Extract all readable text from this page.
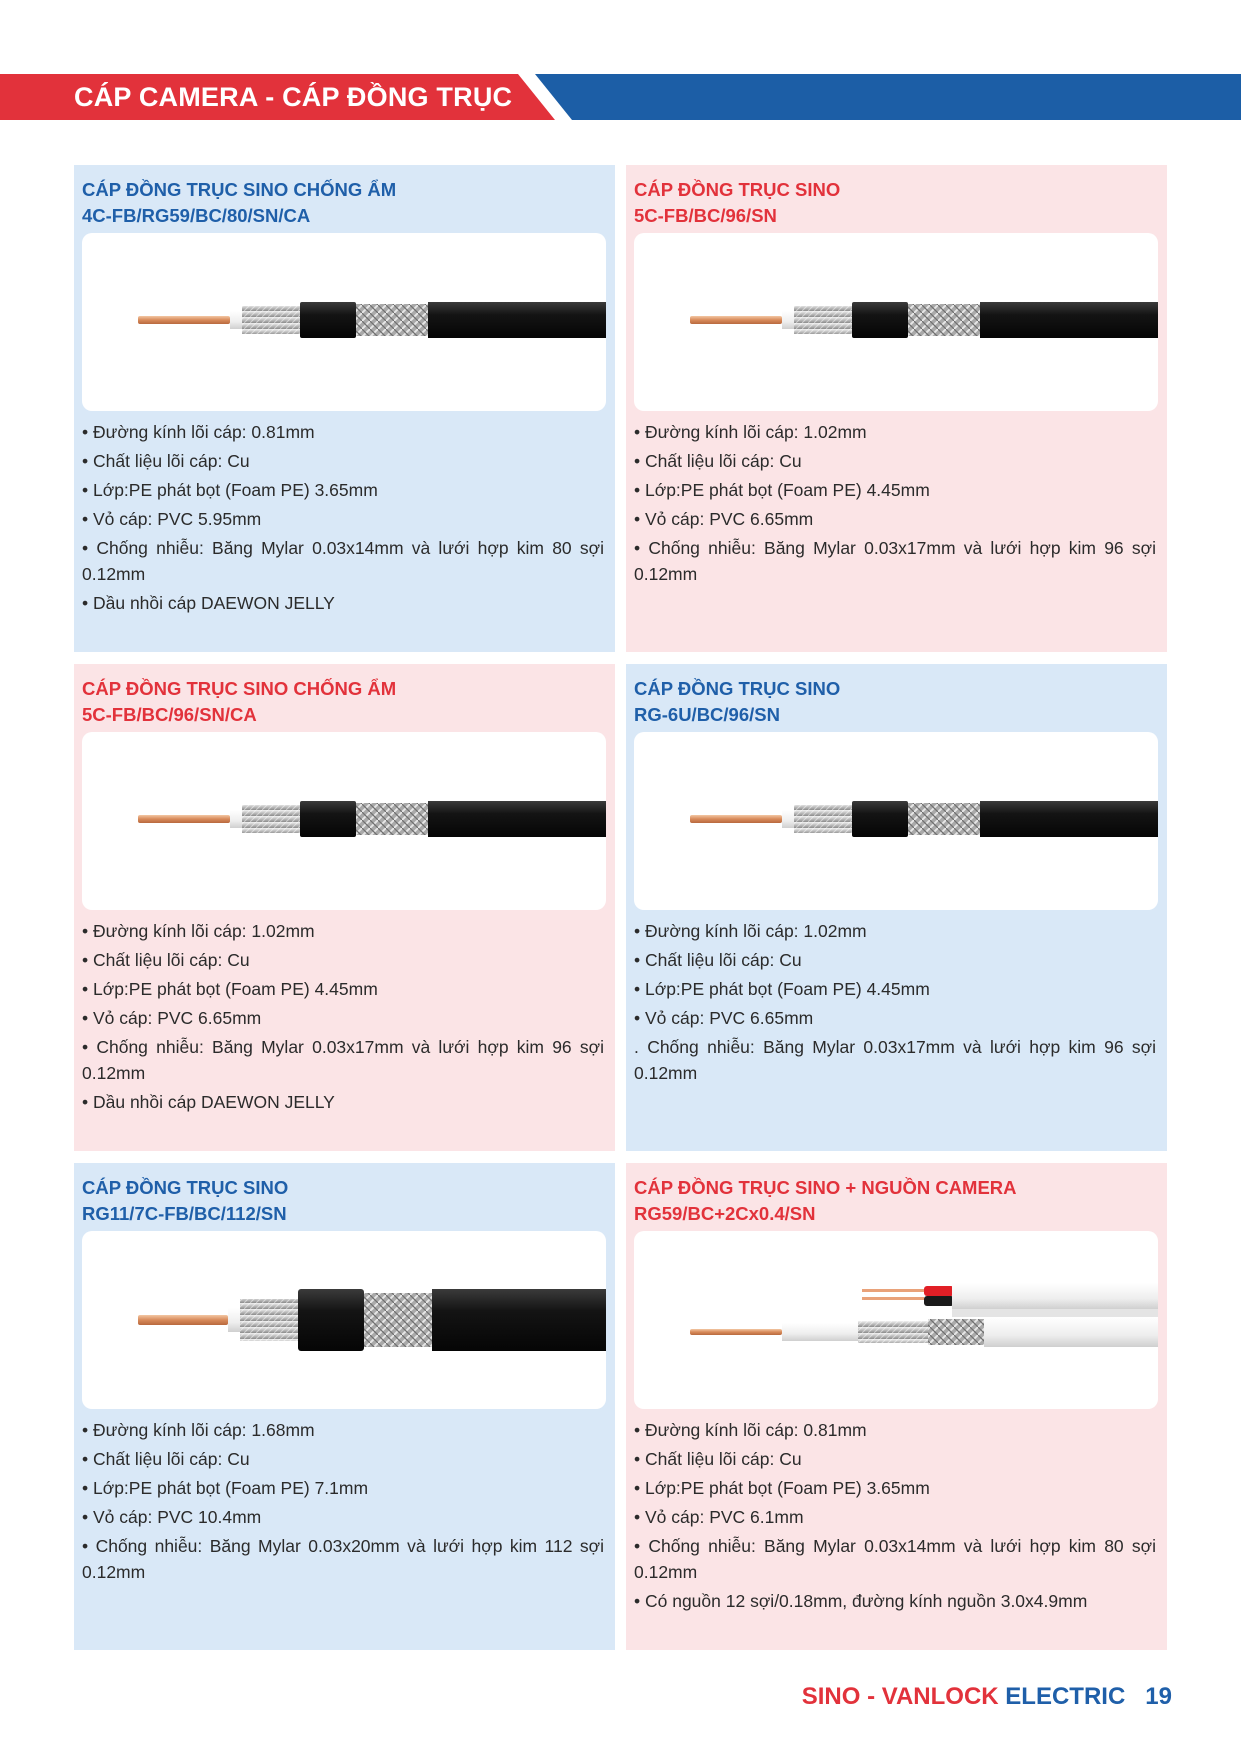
CÁP CAMERA - CÁP ĐỒNG TRỤC
CÁP ĐỒNG TRỤC SINO CHỐNG ẨM
4C-FB/RG59/BC/80/SN/CA
• Đường kính lõi cáp: 0.81mm
• Chất liệu lõi cáp: Cu
• Lớp:PE phát bọt (Foam PE) 3.65mm
• Vỏ cáp: PVC 5.95mm
• Chống nhiễu: Băng Mylar 0.03x14mm và lưới hợp kim 80 sợi 0.12mm
• Dầu nhồi cáp DAEWON JELLY
CÁP ĐỒNG TRỤC SINO
5C-FB/BC/96/SN
• Đường kính lõi cáp: 1.02mm
• Chất liệu lõi cáp: Cu
• Lớp:PE phát bọt (Foam PE) 4.45mm
• Vỏ cáp: PVC 6.65mm
• Chống nhiễu: Băng Mylar 0.03x17mm và lưới hợp kim 96 sợi 0.12mm
CÁP ĐỒNG TRỤC SINO CHỐNG ẨM
5C-FB/BC/96/SN/CA
• Đường kính lõi cáp: 1.02mm
• Chất liệu lõi cáp: Cu
• Lớp:PE phát bọt (Foam PE) 4.45mm
• Vỏ cáp: PVC 6.65mm
• Chống nhiễu: Băng Mylar 0.03x17mm và lưới hợp kim 96 sợi 0.12mm
• Dầu nhồi cáp DAEWON JELLY
CÁP ĐỒNG TRỤC SINO
RG-6U/BC/96/SN
• Đường kính lõi cáp: 1.02mm
• Chất liệu lõi cáp: Cu
• Lớp:PE phát bọt (Foam PE) 4.45mm
• Vỏ cáp: PVC 6.65mm
. Chống nhiễu: Băng Mylar 0.03x17mm và lưới hợp kim 96 sợi 0.12mm
CÁP ĐỒNG TRỤC SINO
RG11/7C-FB/BC/112/SN
• Đường kính lõi cáp: 1.68mm
• Chất liệu lõi cáp: Cu
• Lớp:PE phát bọt (Foam PE) 7.1mm
• Vỏ cáp: PVC 10.4mm
• Chống nhiễu: Băng Mylar 0.03x20mm và lưới hợp kim 112 sợi 0.12mm
CÁP ĐỒNG TRỤC SINO + NGUỒN CAMERA
RG59/BC+2Cx0.4/SN
• Đường kính lõi cáp: 0.81mm
• Chất liệu lõi cáp: Cu
• Lớp:PE phát bọt (Foam PE) 3.65mm
• Vỏ cáp: PVC 6.1mm
• Chống nhiễu: Băng Mylar 0.03x14mm và lưới hợp kim 80 sợi 0.12mm
• Có nguồn 12 sợi/0.18mm, đường kính nguồn 3.0x4.9mm
SINO - VANLOCK ELECTRIC 19
